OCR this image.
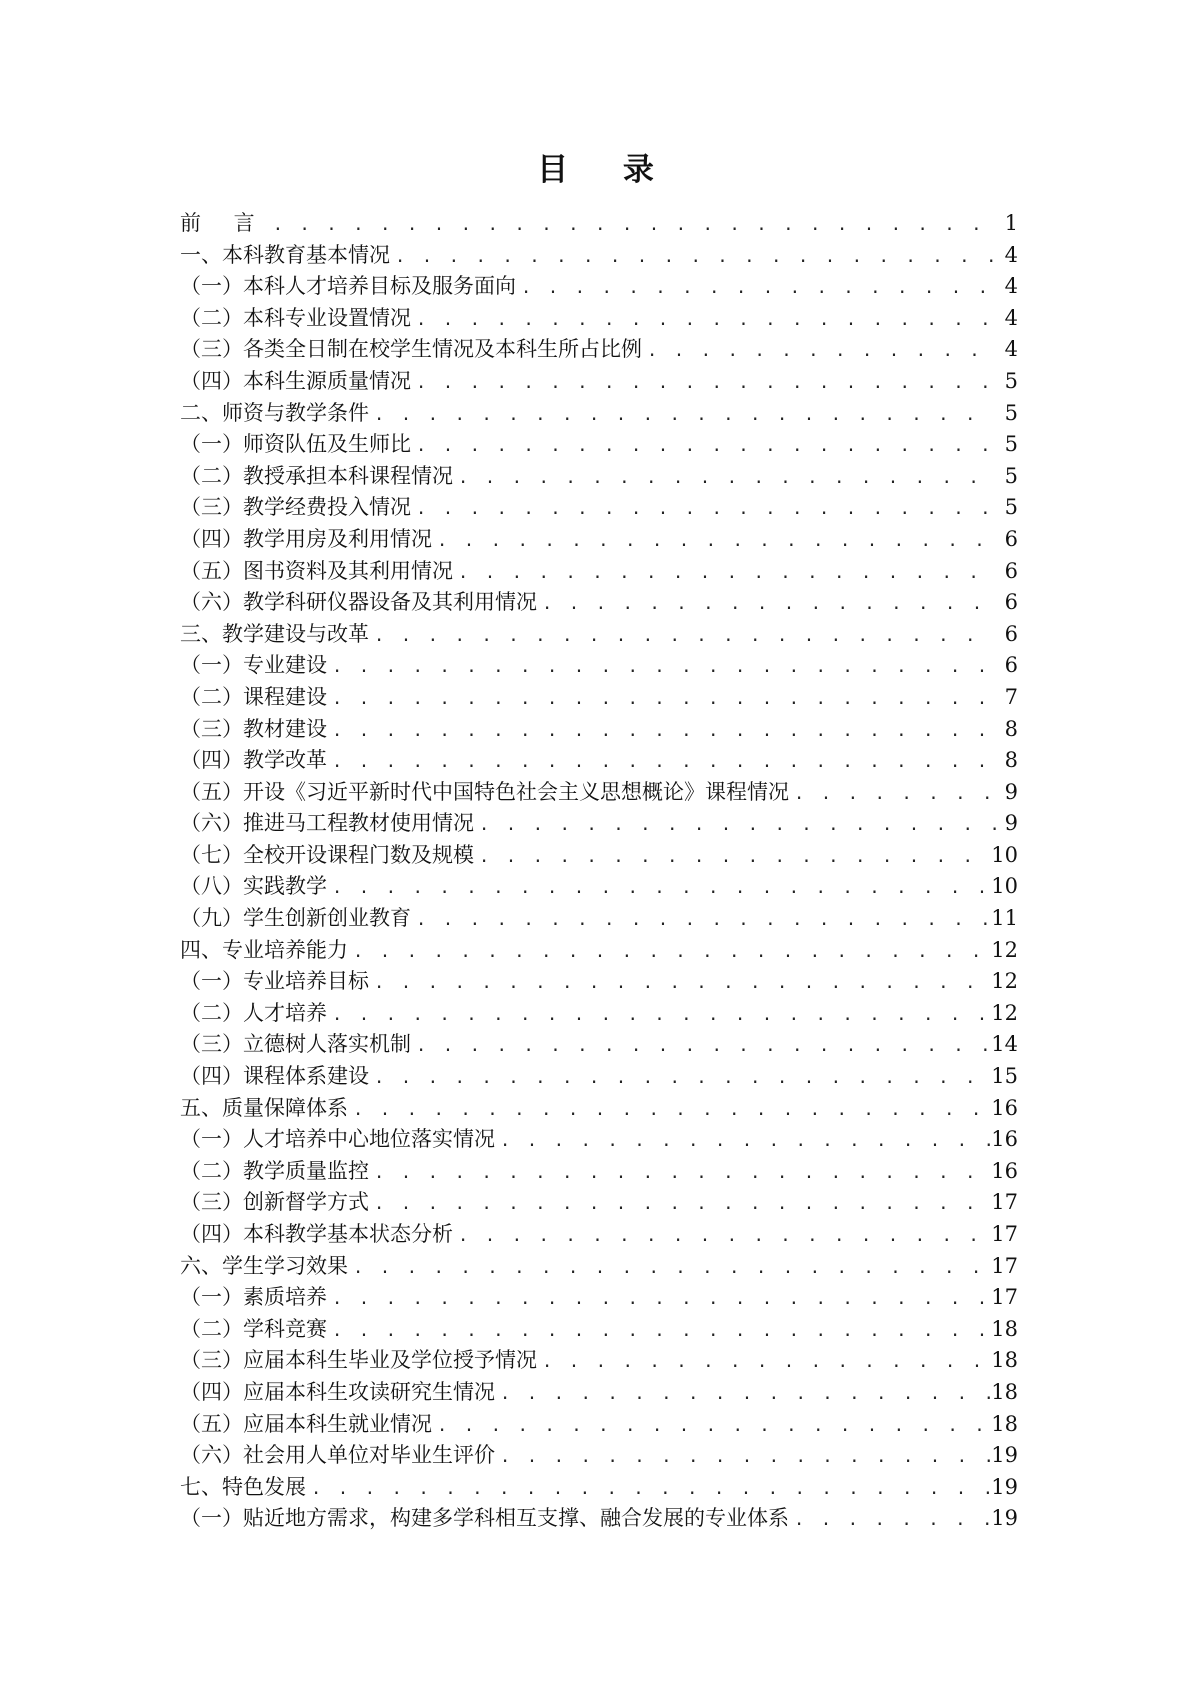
目 录
前 言 . . .	1
一、本科教育基本情况 . . .	4
（一）本科人才培养目标及服务面向 . . .	4
（二）本科专业设置情况 . . .	4
（三）各类全日制在校学生情况及本科生所占比例 . . .	4
（四）本科生源质量情况 . . .	5
二、师资与教学条件 . . .	5
（一）师资队伍及生师比 . . .	5
（二）教授承担本科课程情况 . . .	5
（三）教学经费投入情况 . . .	5
（四）教学用房及利用情况 . . .	6
（五）图书资料及其利用情况 . . .	6
（六）教学科研仪器设备及其利用情况 . . .	6
三、教学建设与改革 . . .	6
（一）专业建设 . . .	6
（二）课程建设 . . .	7
（三）教材建设 . . .	8
（四）教学改革 . . .	8
（五）开设《习近平新时代中国特色社会主义思想概论》课程情况 . . .	9
（六）推进马工程教材使用情况 . . .	9
（七）全校开设课程门数及规模 . . .	10
（八）实践教学 . . .	10
（九）学生创新创业教育 . . .	11
四、专业培养能力 . . .	12
（一）专业培养目标 . . .	12
（二）人才培养 . . .	12
（三）立德树人落实机制 . . .	14
（四）课程体系建设 . . .	15
五、质量保障体系 . . .	16
（一）人才培养中心地位落实情况 . . .	16
（二）教学质量监控 . . .	16
（三）创新督学方式 . . .	17
（四）本科教学基本状态分析 . . .	17
六、学生学习效果 . . .	17
（一）素质培养 . . .	17
（二）学科竞赛 . . .	18
（三）应届本科生毕业及学位授予情况 . . .	18
（四）应届本科生攻读研究生情况 . . .	18
（五）应届本科生就业情况 . . .	18
（六）社会用人单位对毕业生评价 . . .	19
七、特色发展 . . .	19
（一）贴近地方需求，构建多学科相互支撑、融合发展的专业体系 . . .	19
